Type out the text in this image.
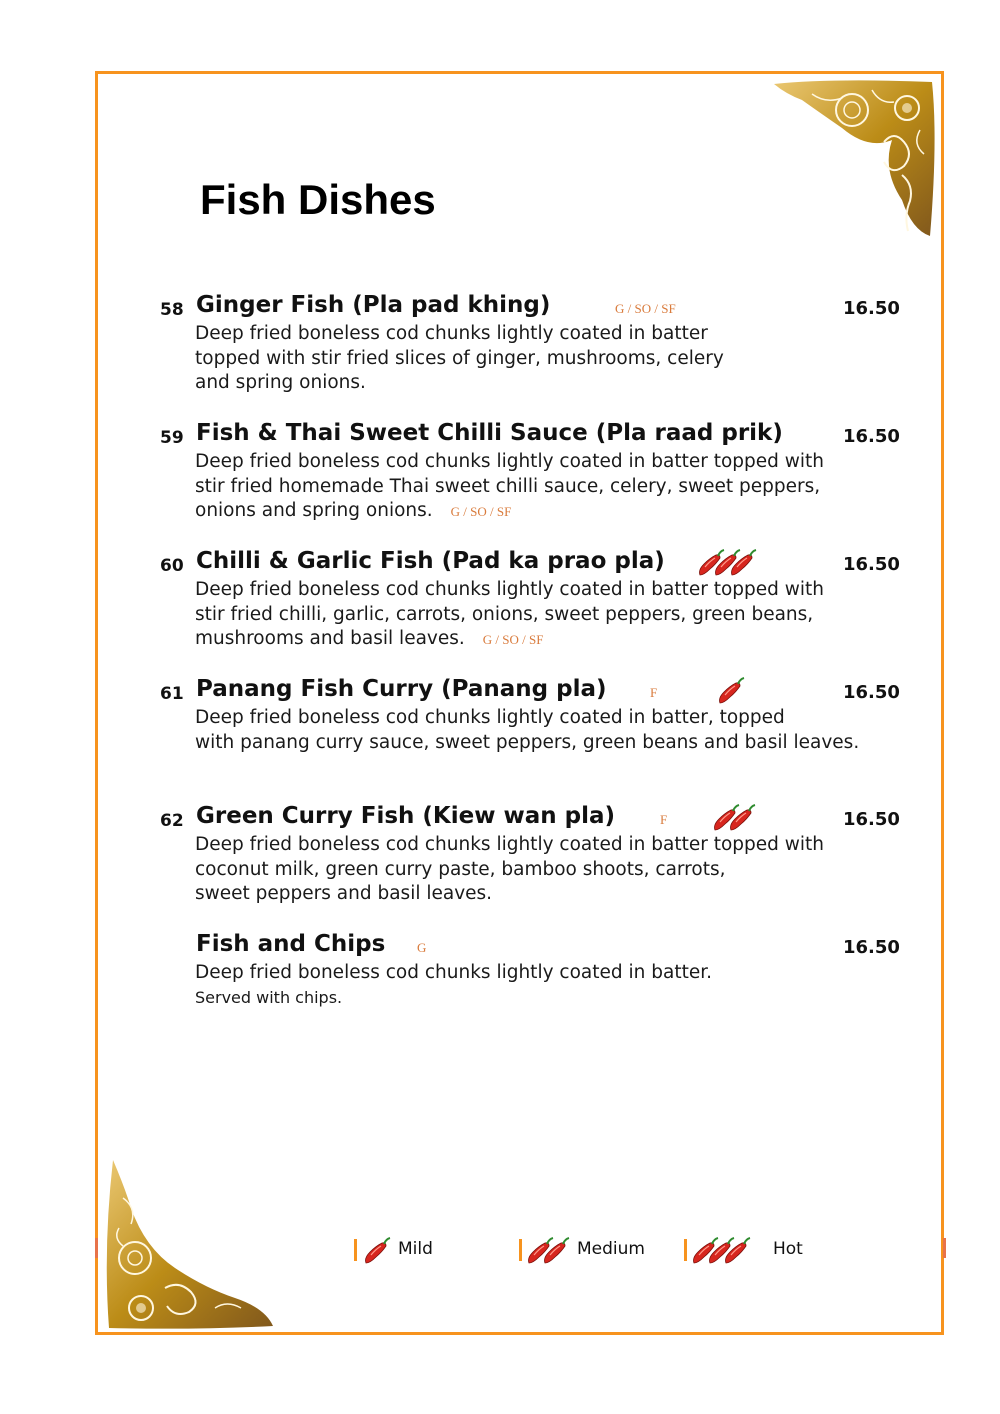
Fish Dishes
58 Ginger Fish (Pla pad khing)	G / SO / SF	16.50

Deep fried boneless cod chunks lightly coated in batter
topped with stir fried slices of ginger, mushrooms, celery
and spring onions.

59 Fish & Thai Sweet Chilli Sauce (Pla raad prik)	16.50

Deep fried boneless cod chunks lightly coated in batter topped with
stir fried homemade Thai sweet chilli sauce, celery, sweet peppers,
onions and spring onions. G / SO / SF

60 Chilli & Garlic Fish (Pad ka prao pla)	16.50

Deep fried boneless cod chunks lightly coated in batter topped with
stir fried chilli, garlic, carrots, onions, sweet peppers, green beans,
mushrooms and basil leaves. G / SO / SF

61 Panang Fish Curry (Panang pla)	F	16.50

Deep fried boneless cod chunks lightly coated in batter, topped
with panang curry sauce, sweet peppers, green beans and basil leaves.

62 Green Curry Fish (Kiew wan pla)	F	16.50

Deep fried boneless cod chunks lightly coated in batter topped with
coconut milk, green curry paste, bamboo shoots, carrots,
sweet peppers and basil leaves.

Fish and Chips G	16.50

Deep fried boneless cod chunks lightly coated in batter.
Served with chips.

Mild	Medium	Hot
